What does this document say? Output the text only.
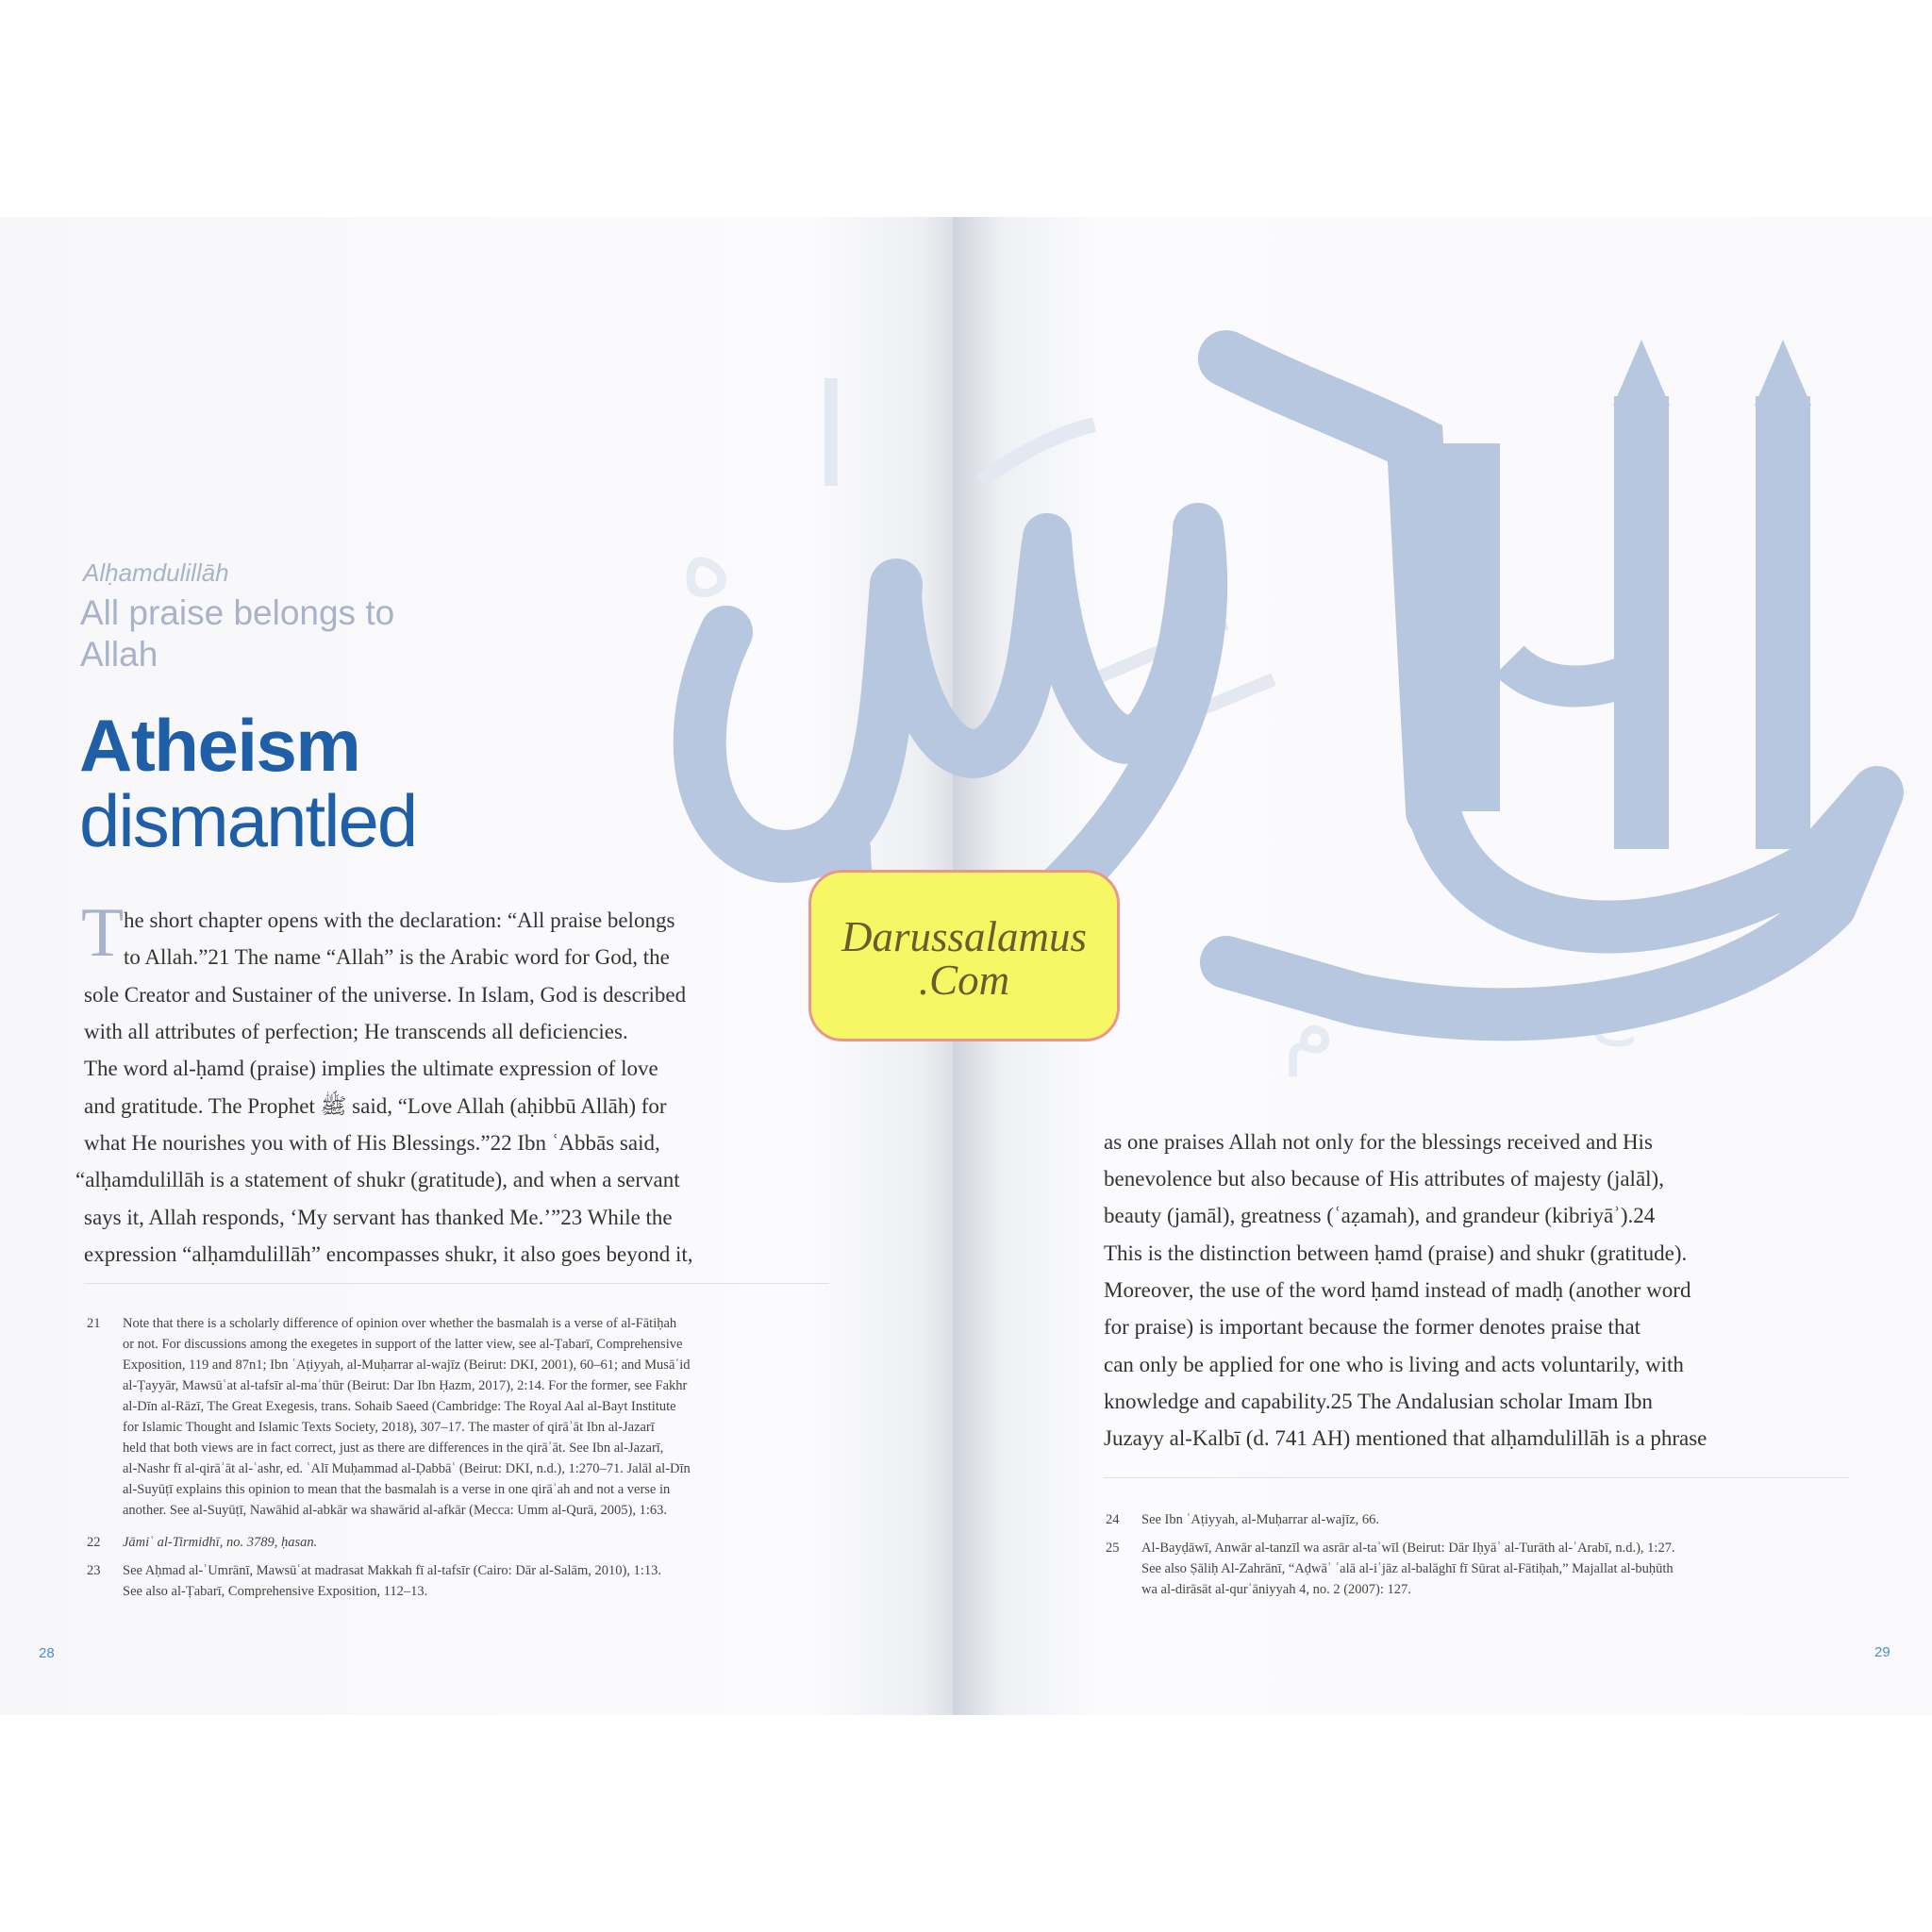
ا
ه
م	ح
Alḥamdulillāh
All praise belongs to Allah
Atheism
dismantled
T he short chapter opens with the declaration: “All praise belongs
to Allah.”21 The name “Allah” is the Arabic word for God, the
sole Creator and Sustainer of the universe. In Islam, God is described
with all attributes of perfection; He transcends all deficiencies.
The word al-ḥamd (praise) implies the ultimate expression of love
and gratitude. The Prophet ﷺ said, “Love Allah (aḥibbū Allāh) for
what He nourishes you with of His Blessings.”22 Ibn ʿAbbās said,
“alḥamdulillāh is a statement of shukr (gratitude), and when a servant
says it, Allah responds, ‘My servant has thanked Me.’”23 While the
expression “alḥamdulillāh” encompasses shukr, it also goes beyond it,
21 Note that there is a scholarly difference of opinion over whether the basmalah is a verse of al-Fātiḥah
or not. For discussions among the exegetes in support of the latter view, see al-Ṭabarī, Comprehensive
Exposition, 119 and 87n1; Ibn ʿAṭiyyah, al-Muḥarrar al-wajīz (Beirut: DKI, 2001), 60–61; and Musāʿid
al-Ṭayyār, Mawsūʿat al-tafsīr al-maʾthūr (Beirut: Dar Ibn Ḥazm, 2017), 2:14. For the former, see Fakhr
al-Dīn al-Rāzī, The Great Exegesis, trans. Sohaib Saeed (Cambridge: The Royal Aal al-Bayt Institute
for Islamic Thought and Islamic Texts Society, 2018), 307–17. The master of qirāʾāt Ibn al-Jazarī
held that both views are in fact correct, just as there are differences in the qirāʾāt. See Ibn al-Jazarī,
al-Nashr fī al-qirāʾāt al-ʿashr, ed. ʿAlī Muḥammad al-Ḍabbāʿ (Beirut: DKI, n.d.), 1:270–71. Jalāl al-Dīn
al-Suyūṭī explains this opinion to mean that the basmalah is a verse in one qirāʾah and not a verse in
another. See al-Suyūṭī, Nawāhid al-abkār wa shawārid al-afkār (Mecca: Umm al-Qurā, 2005), 1:63.
22 Jāmiʿ al-Tirmidhī, no. 3789, ḥasan.
23 See Aḥmad al-ʿUmrānī, Mawsūʿat madrasat Makkah fī al-tafsīr (Cairo: Dār al-Salām, 2010), 1:13.
See also al-Ṭabarī, Comprehensive Exposition, 112–13.
28
as one praises Allah not only for the blessings received and His
benevolence but also because of His attributes of majesty (jalāl),
beauty (jamāl), greatness (ʿaẓamah), and grandeur (kibriyāʾ).24
This is the distinction between ḥamd (praise) and shukr (gratitude).
Moreover, the use of the word ḥamd instead of madḥ (another word
for praise) is important because the former denotes praise that
can only be applied for one who is living and acts voluntarily, with
knowledge and capability.25 The Andalusian scholar Imam Ibn
Juzayy al-Kalbī (d. 741 AH) mentioned that alḥamdulillāh is a phrase
24 See Ibn ʿAṭiyyah, al-Muḥarrar al-wajīz, 66.
25 Al-Bayḍāwī, Anwār al-tanzīl wa asrār al-taʾwīl (Beirut: Dār Iḥyāʾ al-Turāth al-ʿArabī, n.d.), 1:27.
See also Ṣāliḥ Al-Zahrānī, “Aḍwāʾ ʿalā al-iʿjāz al-balāghī fī Sūrat al-Fātiḥah,” Majallat al-buḥūth
wa al-dirāsāt al-qurʾāniyyah 4, no. 2 (2007): 127.
29
Darussalamus
.Com
